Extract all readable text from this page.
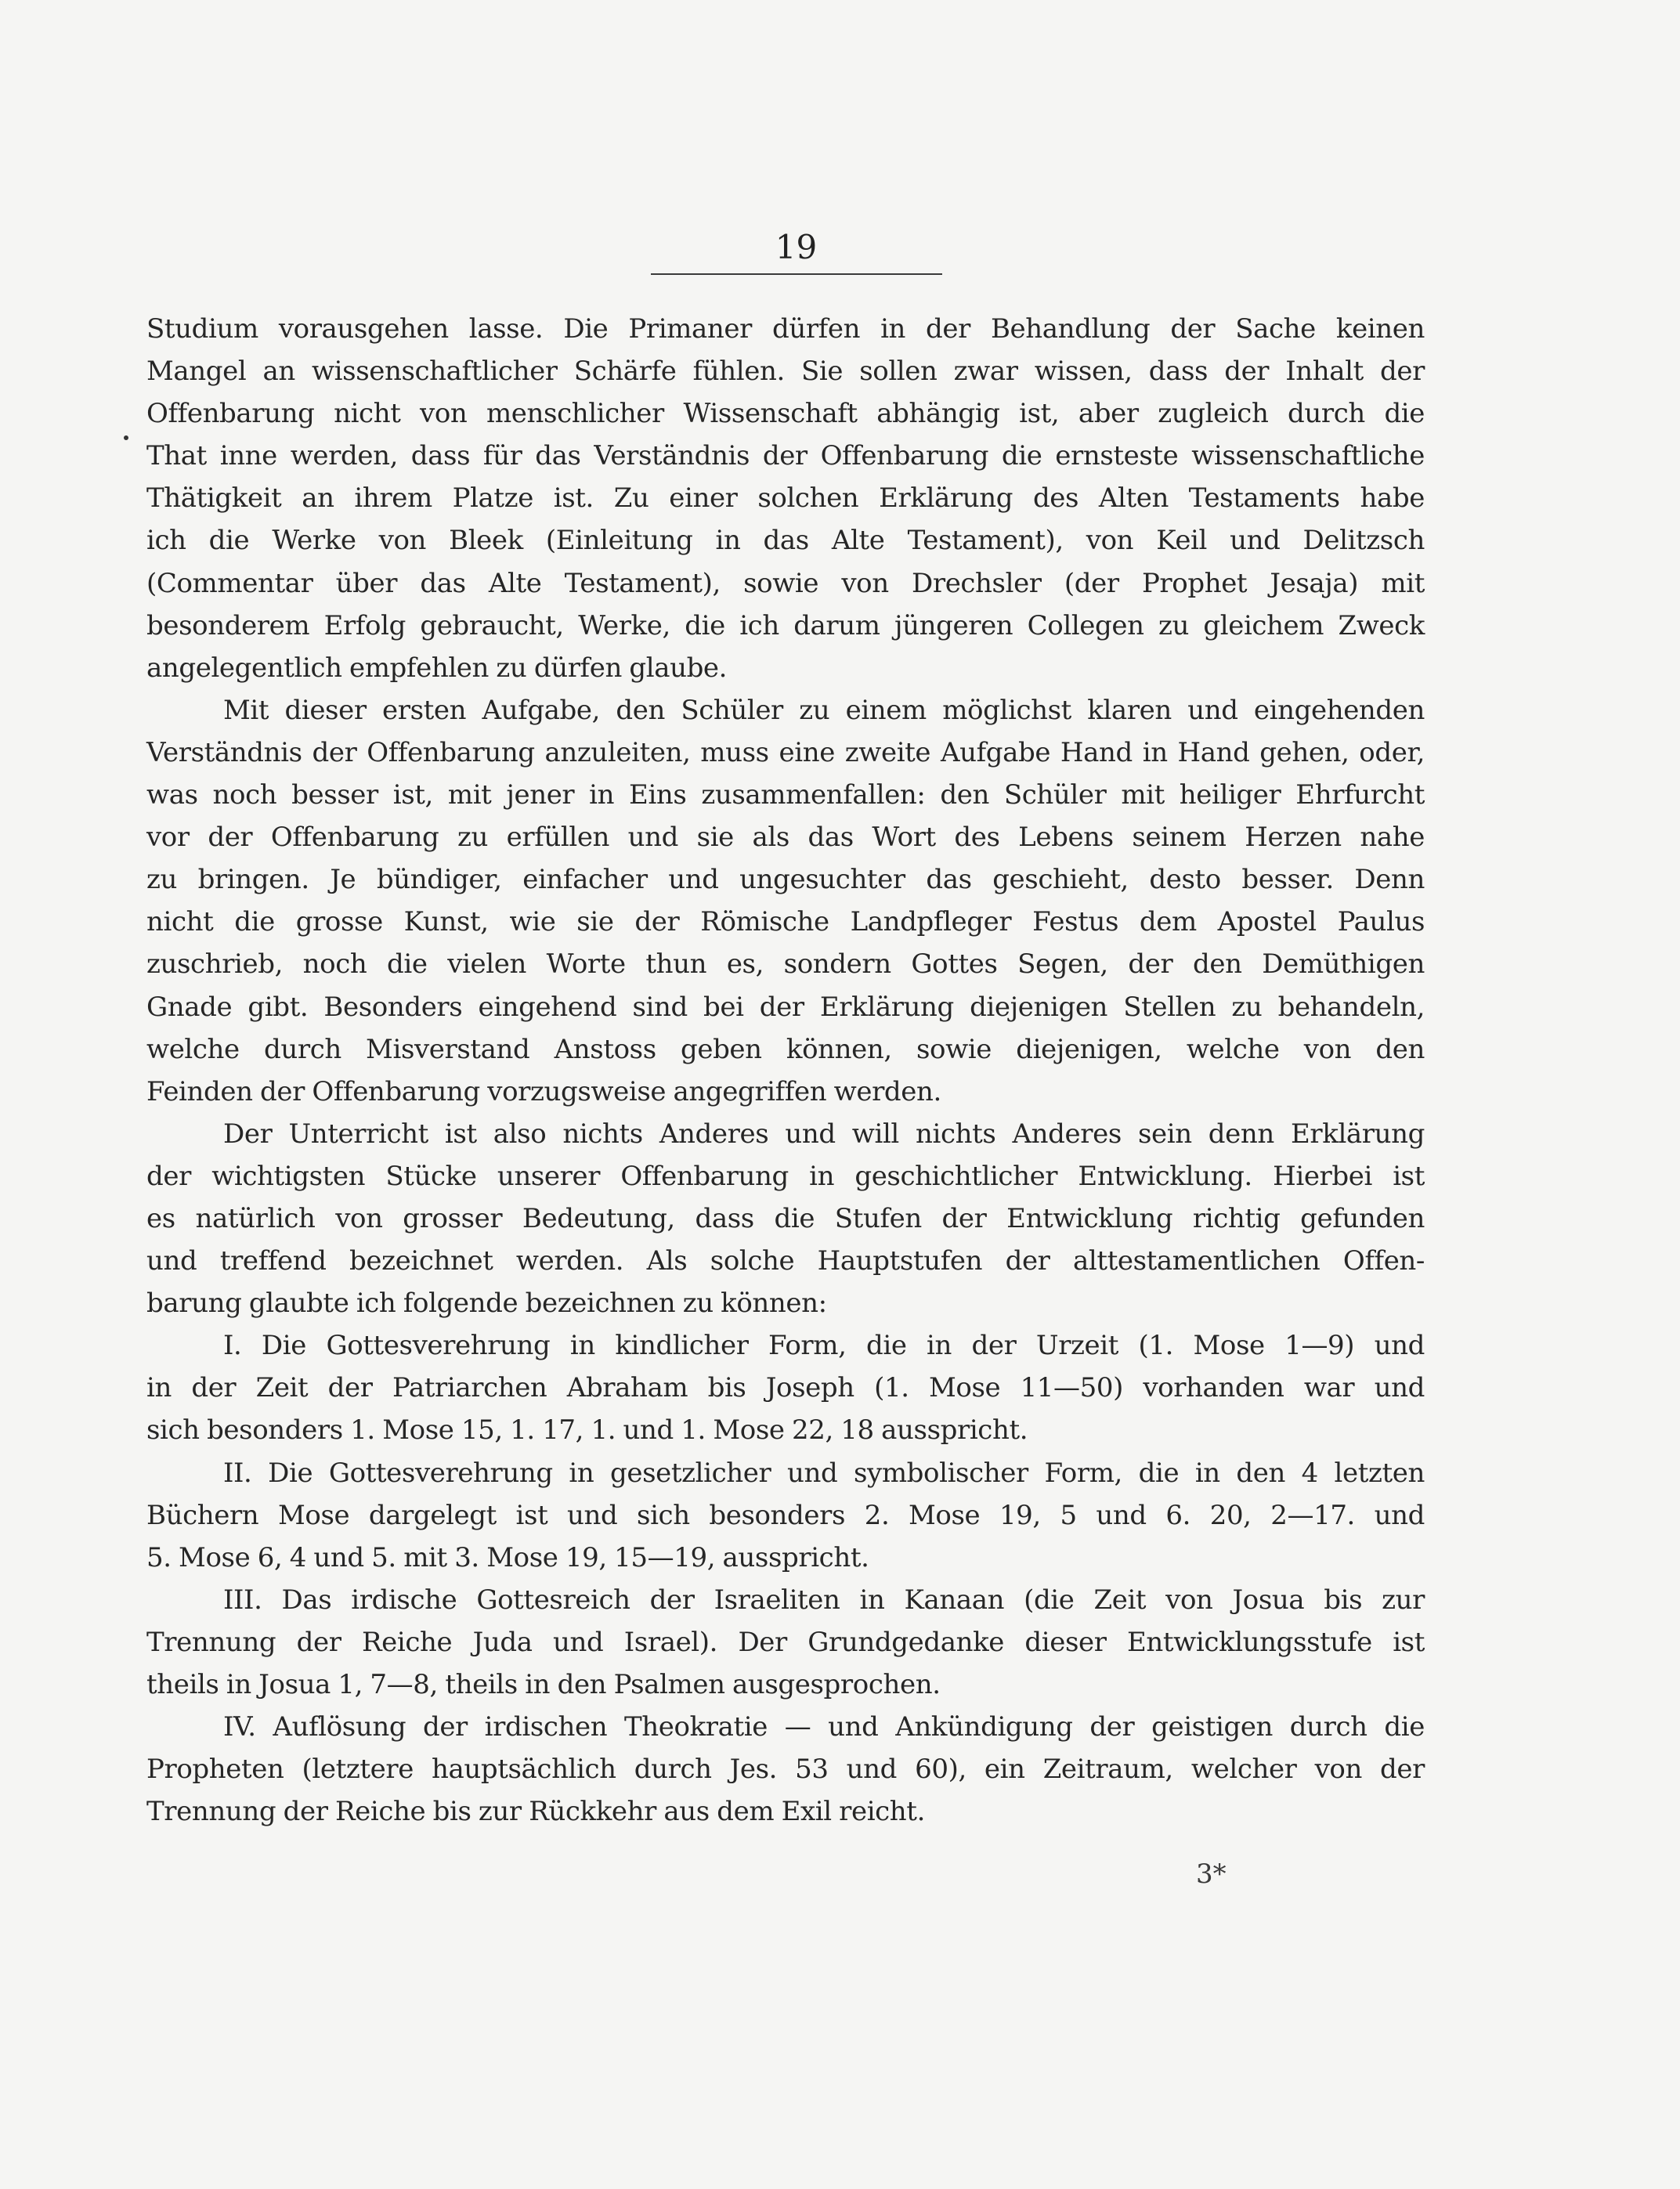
19
Studium vorausgehen lasse. Die Primaner dürfen in der Behandlung der Sache keinen
Mangel an wissenschaftlicher Schärfe fühlen. Sie sollen zwar wissen, dass der Inhalt der
Offenbarung nicht von menschlicher Wissenschaft abhängig ist, aber zugleich durch die
That inne werden, dass für das Verständnis der Offenbarung die ernsteste wissenschaftliche
Thätigkeit an ihrem Platze ist. Zu einer solchen Erklärung des Alten Testaments habe
ich die Werke von Bleek (Einleitung in das Alte Testament), von Keil und Delitzsch
(Commentar über das Alte Testament), sowie von Drechsler (der Prophet Jesaja) mit
besonderem Erfolg gebraucht, Werke, die ich darum jüngeren Collegen zu gleichem Zweck
angelegentlich empfehlen zu dürfen glaube.
Mit dieser ersten Aufgabe, den Schüler zu einem möglichst klaren und eingehenden
Verständnis der Offenbarung anzuleiten, muss eine zweite Aufgabe Hand in Hand gehen, oder,
was noch besser ist, mit jener in Eins zusammenfallen: den Schüler mit heiliger Ehrfurcht
vor der Offenbarung zu erfüllen und sie als das Wort des Lebens seinem Herzen nahe
zu bringen. Je bündiger, einfacher und ungesuchter das geschieht, desto besser. Denn
nicht die grosse Kunst, wie sie der Römische Landpfleger Festus dem Apostel Paulus
zuschrieb, noch die vielen Worte thun es, sondern Gottes Segen, der den Demüthigen
Gnade gibt. Besonders eingehend sind bei der Erklärung diejenigen Stellen zu behandeln,
welche durch Misverstand Anstoss geben können, sowie diejenigen, welche von den
Feinden der Offenbarung vorzugsweise angegriffen werden.
Der Unterricht ist also nichts Anderes und will nichts Anderes sein denn Erklärung
der wichtigsten Stücke unserer Offenbarung in geschichtlicher Entwicklung. Hierbei ist
es natürlich von grosser Bedeutung, dass die Stufen der Entwicklung richtig gefunden
und treffend bezeichnet werden. Als solche Hauptstufen der alttestamentlichen Offen-
barung glaubte ich folgende bezeichnen zu können:
I. Die Gottesverehrung in kindlicher Form, die in der Urzeit (1. Mose 1—9) und
in der Zeit der Patriarchen Abraham bis Joseph (1. Mose 11—50) vorhanden war und
sich besonders 1. Mose 15, 1. 17, 1. und 1. Mose 22, 18 ausspricht.
II. Die Gottesverehrung in gesetzlicher und symbolischer Form, die in den 4 letzten
Büchern Mose dargelegt ist und sich besonders 2. Mose 19, 5 und 6. 20, 2—17. und
5. Mose 6, 4 und 5. mit 3. Mose 19, 15—19, ausspricht.
III. Das irdische Gottesreich der Israeliten in Kanaan (die Zeit von Josua bis zur
Trennung der Reiche Juda und Israel). Der Grundgedanke dieser Entwicklungsstufe ist
theils in Josua 1, 7—8, theils in den Psalmen ausgesprochen.
IV. Auflösung der irdischen Theokratie — und Ankündigung der geistigen durch die
Propheten (letztere hauptsächlich durch Jes. 53 und 60), ein Zeitraum, welcher von der
Trennung der Reiche bis zur Rückkehr aus dem Exil reicht.
3*
